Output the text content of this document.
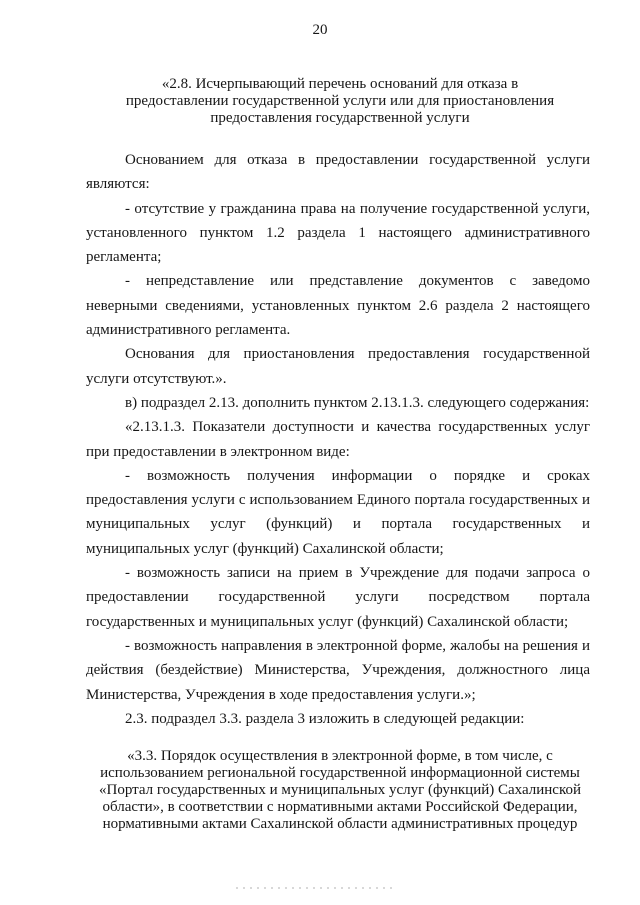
20
«2.8. Исчерпывающий перечень оснований для отказа в
предоставлении государственной услуги или для приостановления
предоставления государственной услуги

Основанием для отказа в предоставлении государственной услуги являются:

- отсутствие у гражданина права на получение государственной услуги, установленного пунктом 1.2 раздела 1 настоящего административного регламента;

- непредставление или представление документов с заведомо неверными сведениями, установленных пунктом 2.6 раздела 2 настоящего административного регламента.

Основания для приостановления предоставления государственной услуги отсутствуют.».

в) подраздел 2.13. дополнить пунктом 2.13.1.3. следующего содержания:

«2.13.1.3. Показатели доступности и качества государственных услуг при предоставлении в электронном виде:

- возможность получения информации о порядке и сроках предоставления услуги с использованием Единого портала государственных и муниципальных услуг (функций) и портала государственных и муниципальных услуг (функций) Сахалинской области;

- возможность записи на прием в Учреждение для подачи запроса о предоставлении государственной услуги посредством портала государственных и муниципальных услуг (функций) Сахалинской области;

- возможность направления в электронной форме, жалобы на решения и действия (бездействие) Министерства, Учреждения, должностного лица Министерства, Учреждения в ходе предоставления услуги.»;

2.3. подраздел 3.3. раздела 3 изложить в следующей редакции:

«3.3. Порядок осуществления в электронной форме, в том числе, с
использованием региональной государственной информационной системы
«Портал государственных и муниципальных услуг (функций) Сахалинской
области», в соответствии с нормативными актами Российской Федерации,
нормативными актами Сахалинской области административных процедур
